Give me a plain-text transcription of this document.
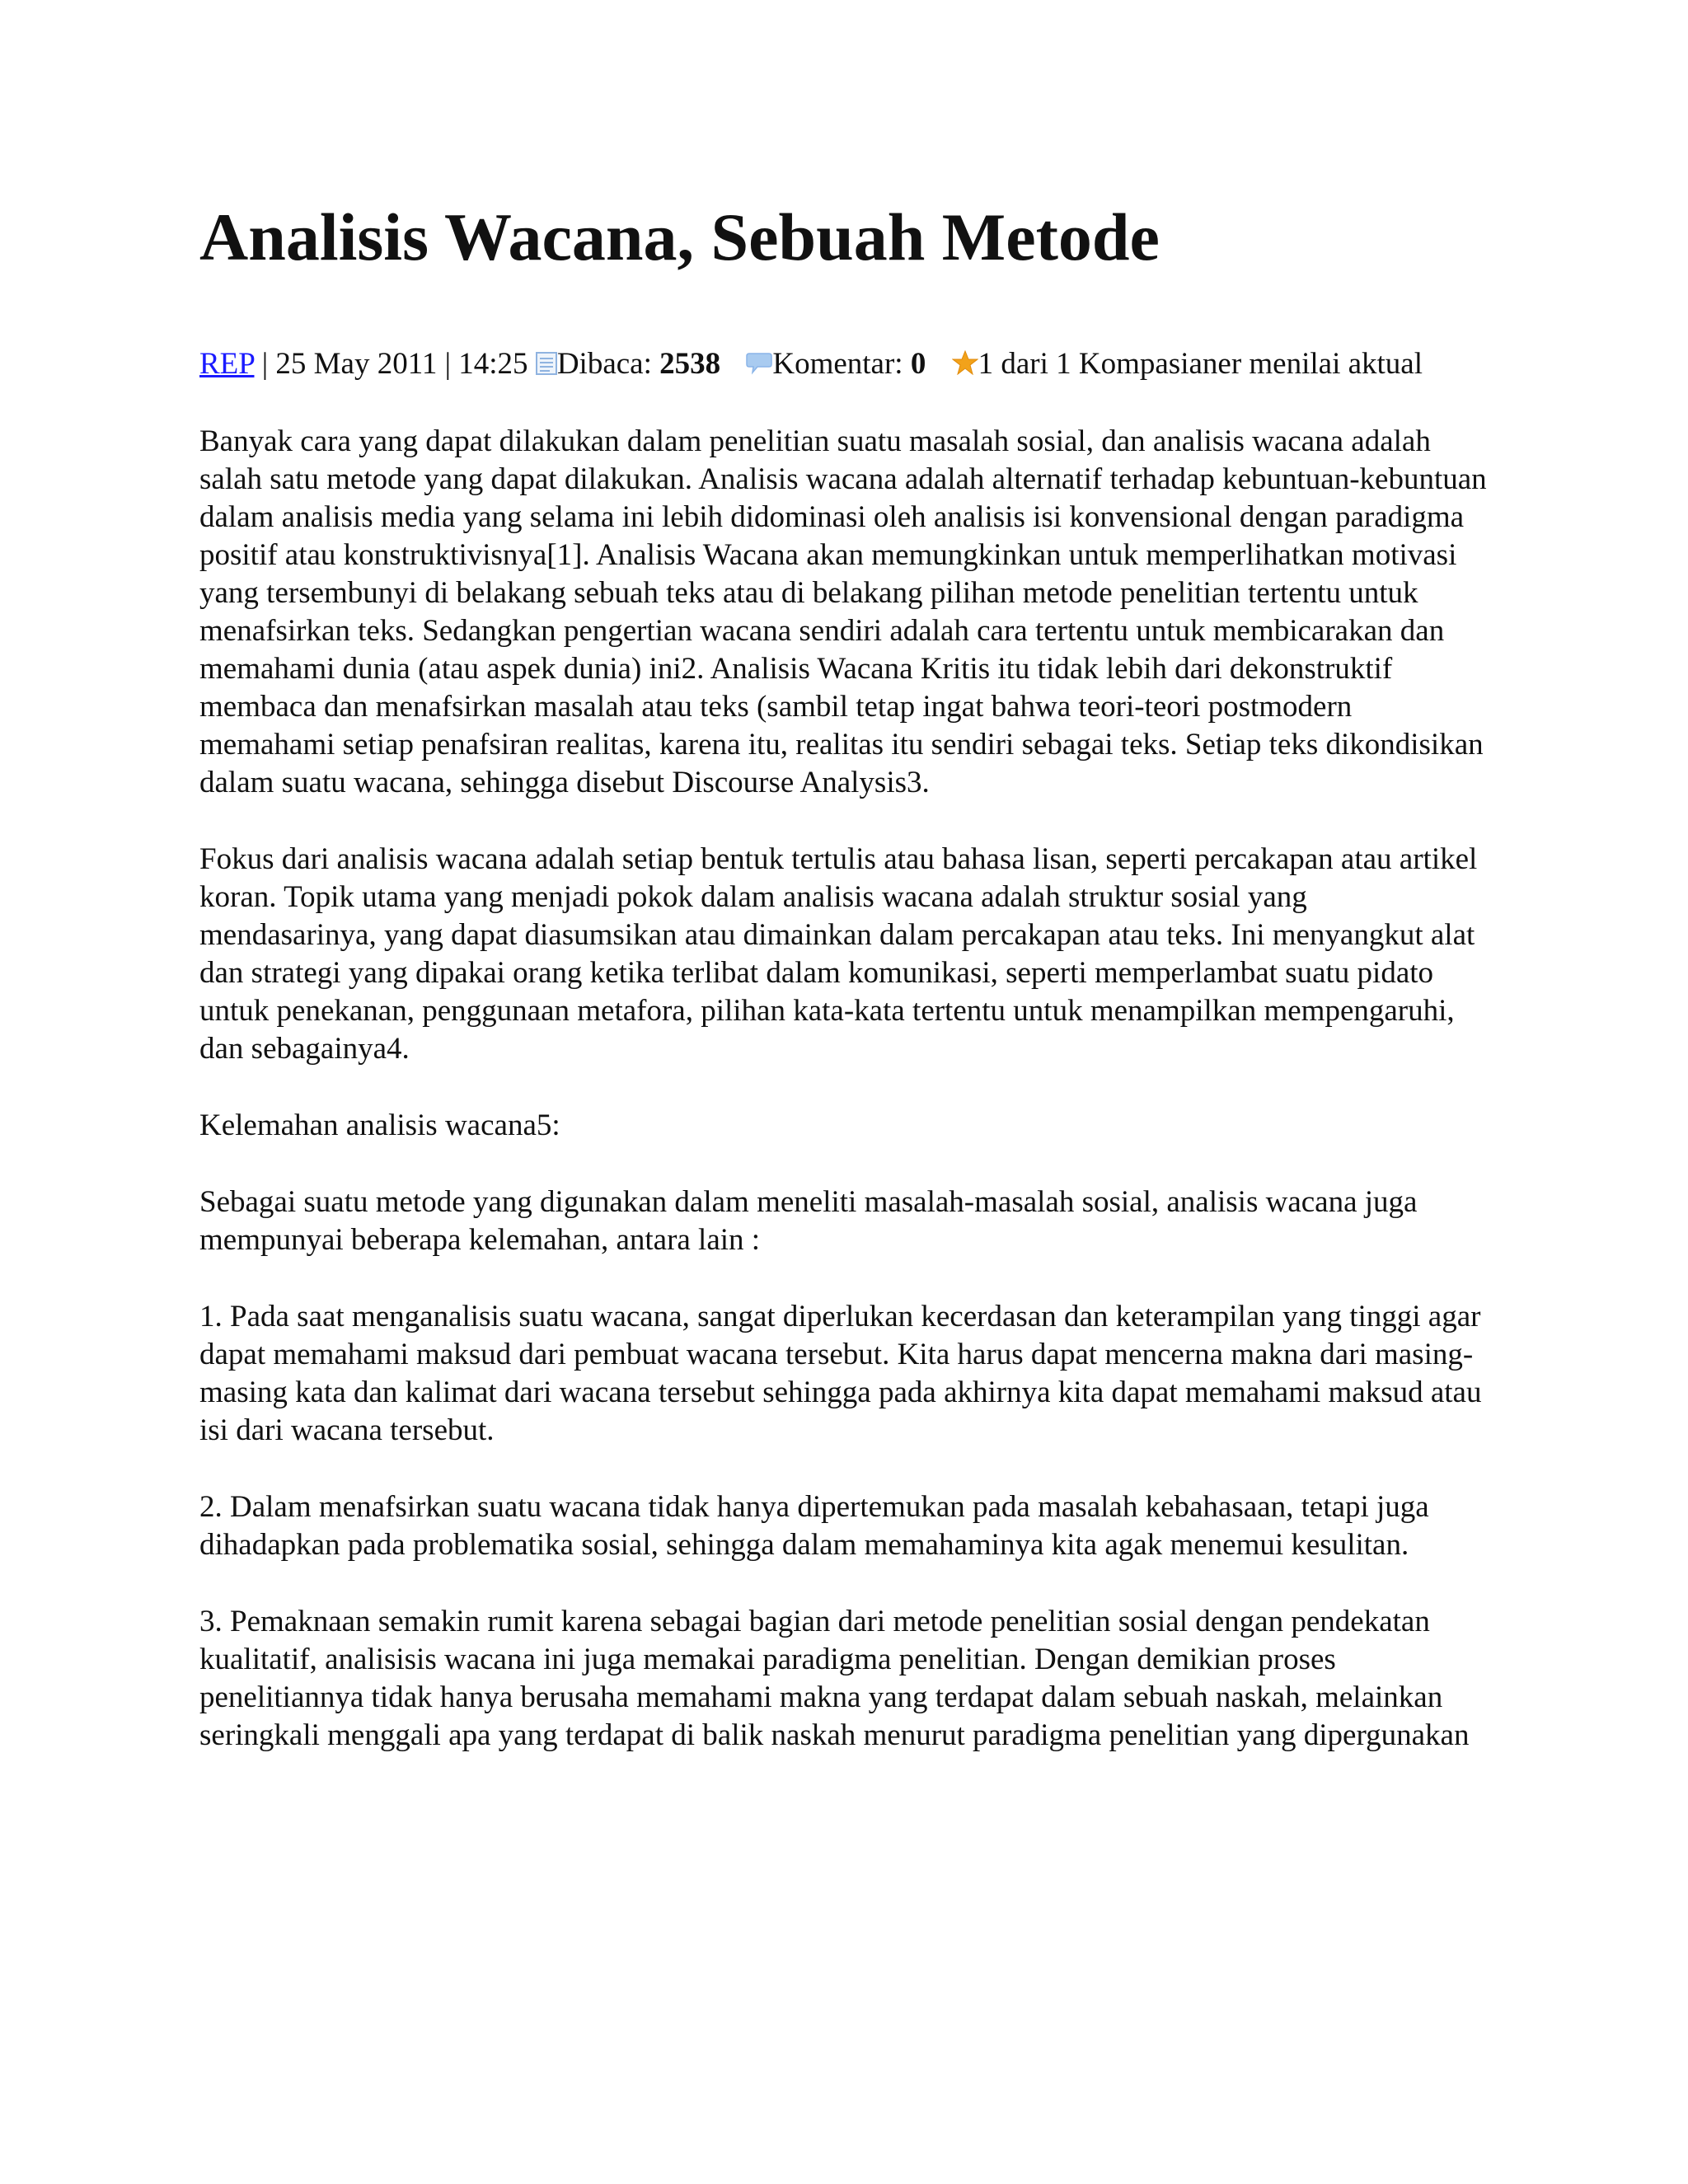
Analisis Wacana, Sebuah Metode
REP | 25 May 2011 | 14:25 Dibaca: 2538 Komentar: 0 1 dari 1 Kompasianer menilai aktual

Banyak cara yang dapat dilakukan dalam penelitian suatu masalah sosial, dan analisis wacana adalah salah satu metode yang dapat dilakukan. Analisis wacana adalah alternatif terhadap kebuntuan-kebuntuan dalam analisis media yang selama ini lebih didominasi oleh analisis isi konvensional dengan paradigma positif atau konstruktivisnya[1]. Analisis Wacana akan memungkinkan untuk memperlihatkan motivasi yang tersembunyi di belakang sebuah teks atau di belakang pilihan metode penelitian tertentu untuk menafsirkan teks. Sedangkan pengertian wacana sendiri adalah cara tertentu untuk membicarakan dan memahami dunia (atau aspek dunia) ini2. Analisis Wacana Kritis itu tidak lebih dari dekonstruktif membaca dan menafsirkan masalah atau teks (sambil tetap ingat bahwa teori-teori postmodern memahami setiap penafsiran realitas, karena itu, realitas itu sendiri sebagai teks. Setiap teks dikondisikan dalam suatu wacana, sehingga disebut Discourse Analysis3.

Fokus dari analisis wacana adalah setiap bentuk tertulis atau bahasa lisan, seperti percakapan atau artikel koran. Topik utama yang menjadi pokok dalam analisis wacana adalah struktur sosial yang mendasarinya, yang dapat diasumsikan atau dimainkan dalam percakapan atau teks. Ini menyangkut alat dan strategi yang dipakai orang ketika terlibat dalam komunikasi, seperti memperlambat suatu pidato untuk penekanan, penggunaan metafora, pilihan kata-kata tertentu untuk menampilkan mempengaruhi, dan sebagainya4.

Kelemahan analisis wacana5:

Sebagai suatu metode yang digunakan dalam meneliti masalah-masalah sosial, analisis wacana juga mempunyai beberapa kelemahan, antara lain :

1. Pada saat menganalisis suatu wacana, sangat diperlukan kecerdasan dan keterampilan yang tinggi agar dapat memahami maksud dari pembuat wacana tersebut. Kita harus dapat mencerna makna dari masing-masing kata dan kalimat dari wacana tersebut sehingga pada akhirnya kita dapat memahami maksud atau isi dari wacana tersebut.

2. Dalam menafsirkan suatu wacana tidak hanya dipertemukan pada masalah kebahasaan, tetapi juga dihadapkan pada problematika sosial, sehingga dalam memahaminya kita agak menemui kesulitan.

3. Pemaknaan semakin rumit karena sebagai bagian dari metode penelitian sosial dengan pendekatan kualitatif, analisisis wacana ini juga memakai paradigma penelitian. Dengan demikian proses penelitiannya tidak hanya berusaha memahami makna yang terdapat dalam sebuah naskah, melainkan seringkali menggali apa yang terdapat di balik naskah menurut paradigma penelitian yang dipergunakan
